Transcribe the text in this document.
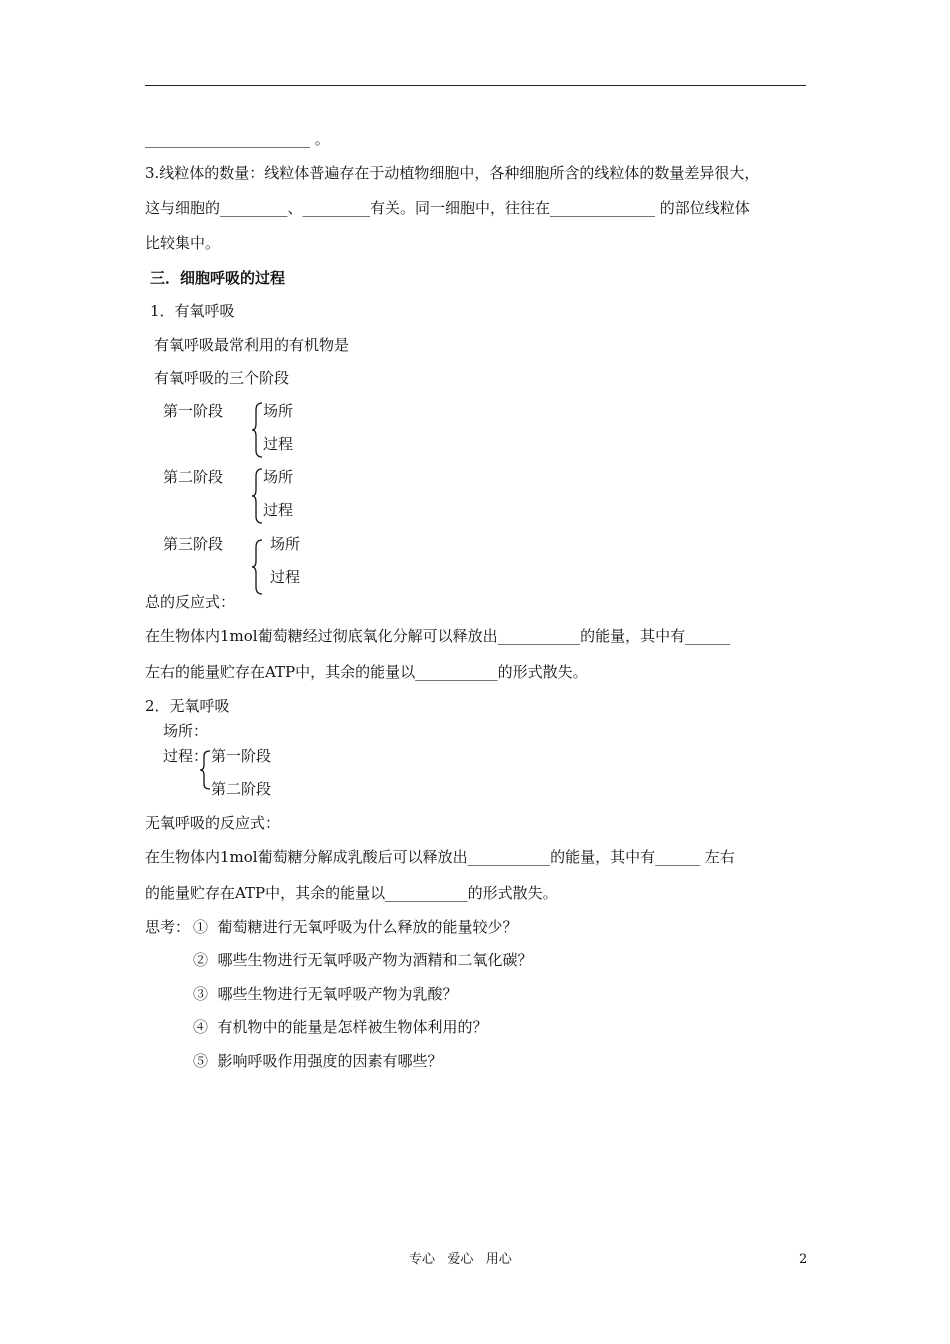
______________________ 。
3.线粒体的数量：线粒体普遍存在于动植物细胞中，各种细胞所含的线粒体的数量差异很大，
这与细胞的_________、_________有关。同一细胞中，往往在______________ 的部位线粒体
比较集中。
三．细胞呼吸的过程
1．有氧呼吸
有氧呼吸最常利用的有机物是
有氧呼吸的三个阶段
第一阶段	场所
过程
第二阶段	场所
过程
第三阶段	场所
过程
总的反应式：
在生物体内1mol葡萄糖经过彻底氧化分解可以释放出___________的能量，其中有______
左右的能量贮存在ATP中，其余的能量以___________的形式散失。
2．无氧呼吸
场所：
过程： 第一阶段
第二阶段
无氧呼吸的反应式：
在生物体内1mol葡萄糖分解成乳酸后可以释放出___________的能量，其中有______ 左右
的能量贮存在ATP中，其余的能量以___________的形式散失。
思考： ①  葡萄糖进行无氧呼吸为什么释放的能量较少？
②  哪些生物进行无氧呼吸产物为酒精和二氧化碳？
③  哪些生物进行无氧呼吸产物为乳酸？
④  有机物中的能量是怎样被生物体利用的？
⑤  影响呼吸作用强度的因素有哪些？
专心   爱心   用心	2
